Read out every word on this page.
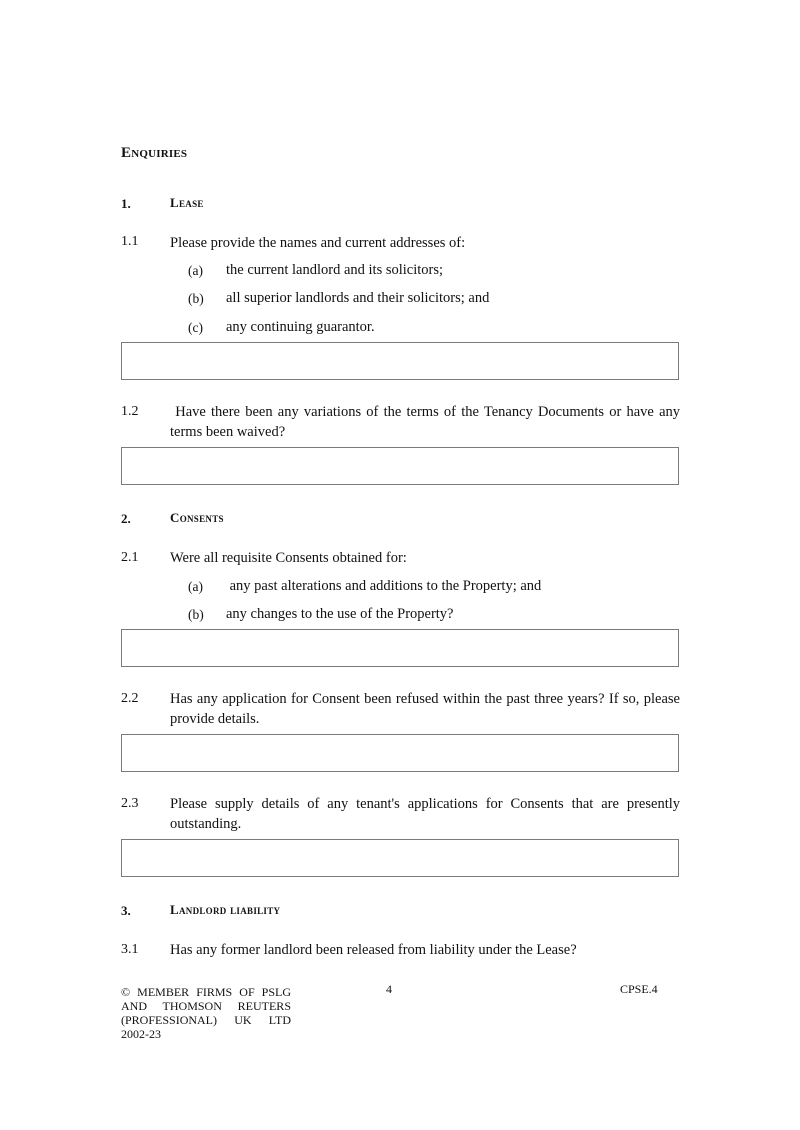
Enquiries
1.	Lease
1.1 Please provide the names and current addresses of:
(a) the current landlord and its solicitors;
(b) all superior landlords and their solicitors; and
(c) any continuing guarantor.
1.2 Have there been any variations of the terms of the Tenancy Documents or have any terms been waived?
2.	Consents
2.1 Were all requisite Consents obtained for:
(a) any past alterations and additions to the Property; and
(b) any changes to the use of the Property?
2.2 Has any application for Consent been refused within the past three years? If so, please provide details.
2.3 Please supply details of any tenant's applications for Consents that are presently outstanding.
3.	Landlord liability
3.1 Has any former landlord been released from liability under the Lease?
© MEMBER FIRMS OF PSLG
AND THOMSON REUTERS
(PROFESSIONAL) UK LTD
2002-23
4	CPSE.4
